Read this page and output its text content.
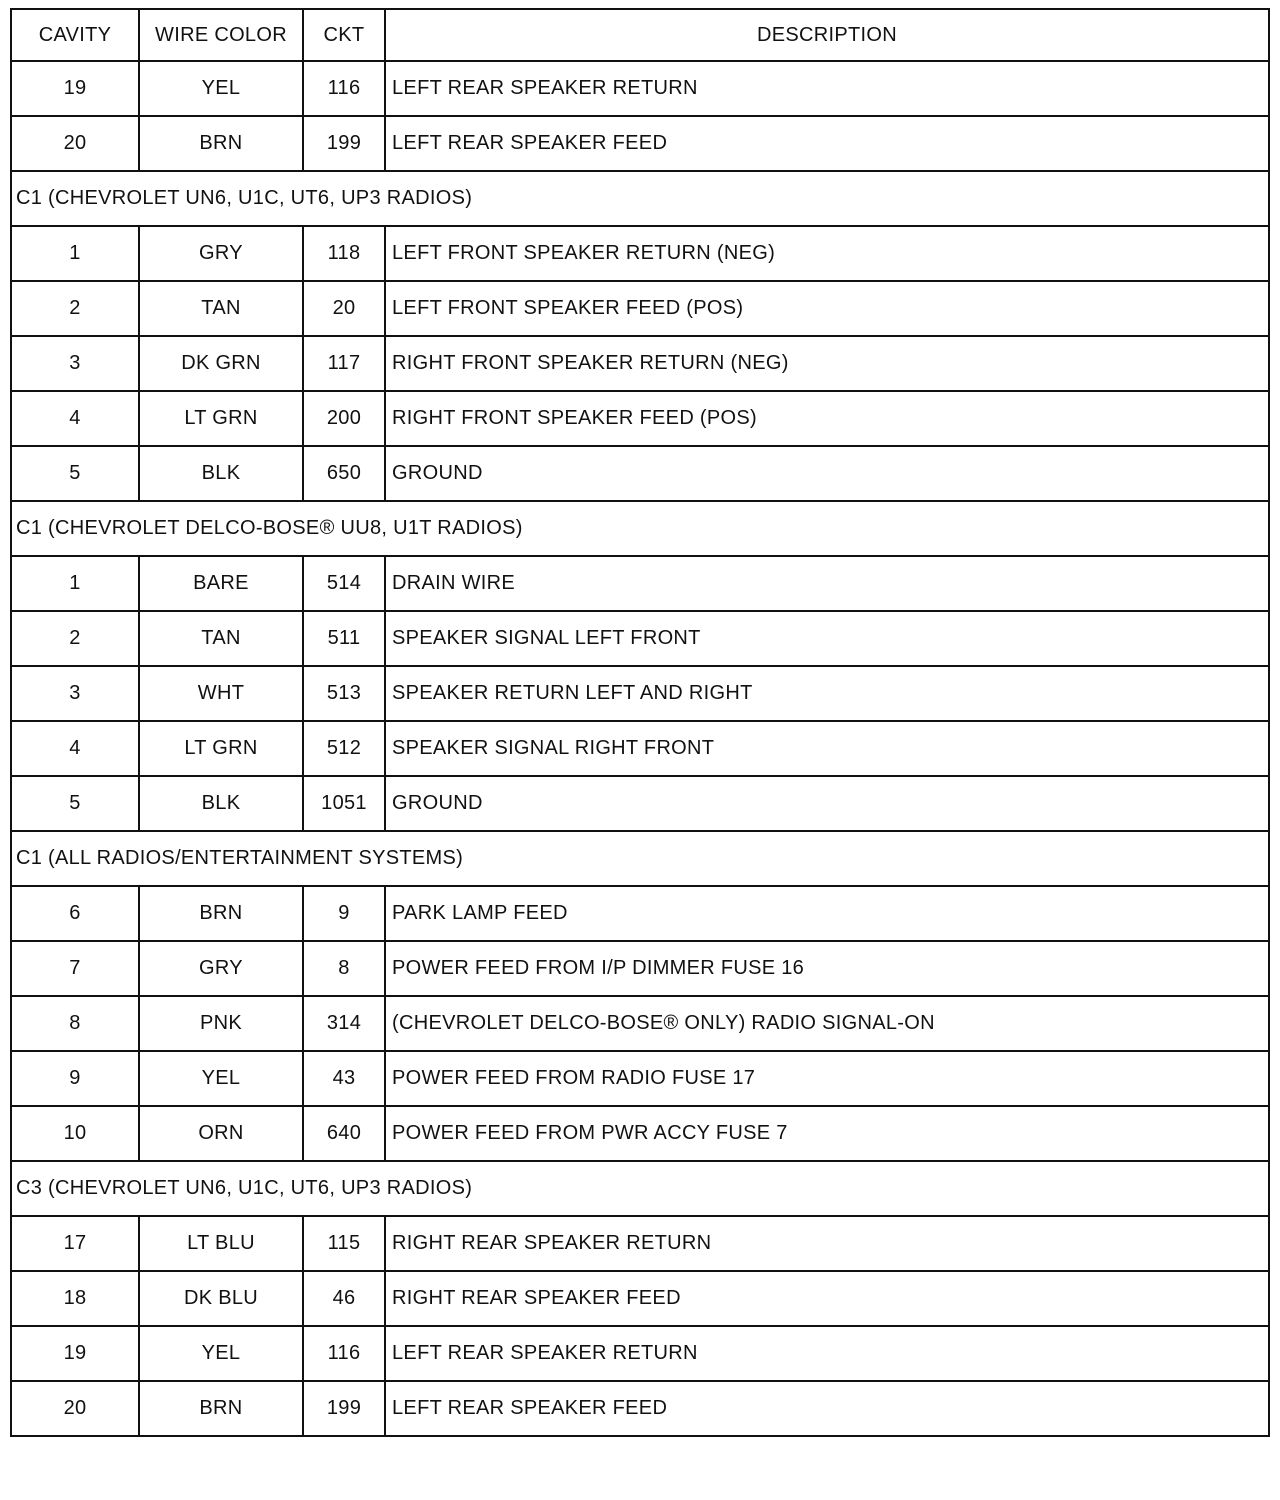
CAVITY	WIRE COLOR	CKT	DESCRIPTION
19	YEL	116	LEFT REAR SPEAKER RETURN
20	BRN	199	LEFT REAR SPEAKER FEED
C1 (CHEVROLET UN6, U1C, UT6, UP3 RADIOS)			
1	GRY	118	LEFT FRONT SPEAKER RETURN (NEG)
2	TAN	20	LEFT FRONT SPEAKER FEED (POS)
3	DK GRN	117	RIGHT FRONT SPEAKER RETURN (NEG)
4	LT GRN	200	RIGHT FRONT SPEAKER FEED (POS)
5	BLK	650	GROUND
C1 (CHEVROLET DELCO-BOSE® UU8, U1T RADIOS)			
1	BARE	514	DRAIN WIRE
2	TAN	511	SPEAKER SIGNAL LEFT FRONT
3	WHT	513	SPEAKER RETURN LEFT AND RIGHT
4	LT GRN	512	SPEAKER SIGNAL RIGHT FRONT
5	BLK	1051	GROUND
C1 (ALL RADIOS/ENTERTAINMENT SYSTEMS)			
6	BRN	9	PARK LAMP FEED
7	GRY	8	POWER FEED FROM I/P DIMMER FUSE 16
8	PNK	314	(CHEVROLET DELCO-BOSE® ONLY) RADIO SIGNAL-ON
9	YEL	43	POWER FEED FROM RADIO FUSE 17
10	ORN	640	POWER FEED FROM PWR ACCY FUSE 7
C3 (CHEVROLET UN6, U1C, UT6, UP3 RADIOS)			
17	LT BLU	115	RIGHT REAR SPEAKER RETURN
18	DK BLU	46	RIGHT REAR SPEAKER FEED
19	YEL	116	LEFT REAR SPEAKER RETURN
20	BRN	199	LEFT REAR SPEAKER FEED
